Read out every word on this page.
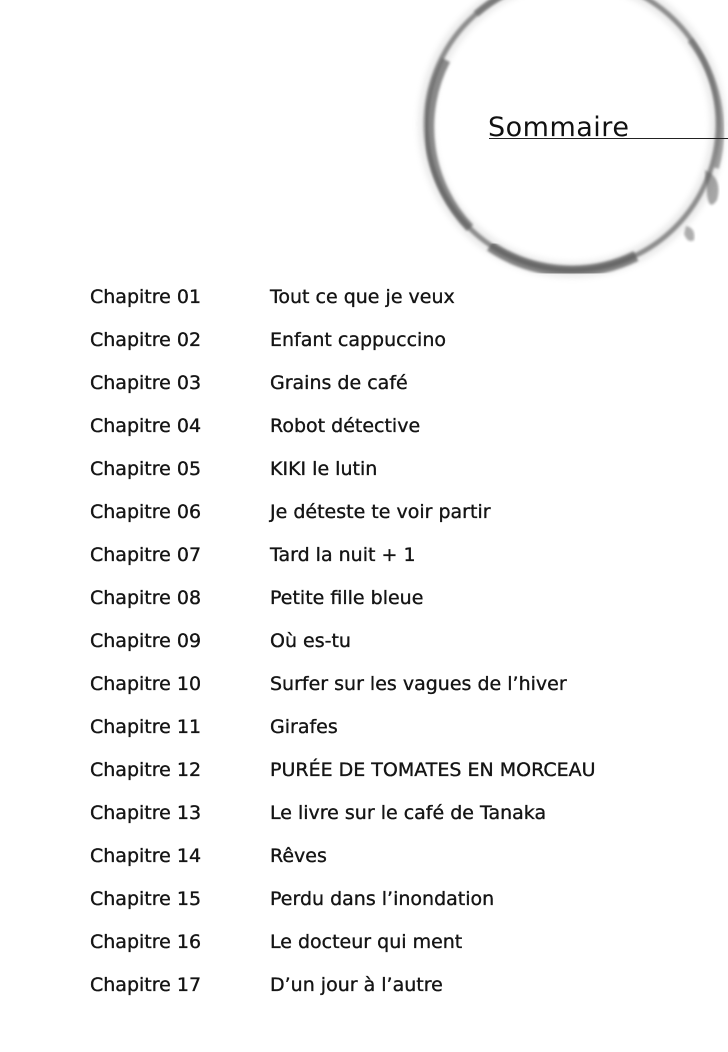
Sommaire
Chapitre 01	Tout ce que je veux
Chapitre 02	Enfant cappuccino
Chapitre 03	Grains de café
Chapitre 04	Robot détective
Chapitre 05	KIKI le lutin
Chapitre 06	Je déteste te voir partir
Chapitre 07	Tard la nuit + 1
Chapitre 08	Petite fille bleue
Chapitre 09	Où es-tu
Chapitre 10	Surfer sur les vagues de l’hiver
Chapitre 11	Girafes
Chapitre 12	PURÉE DE TOMATES EN MORCEAU
Chapitre 13	Le livre sur le café de Tanaka
Chapitre 14	Rêves
Chapitre 15	Perdu dans l’inondation
Chapitre 16	Le docteur qui ment
Chapitre 17	D’un jour à l’autre
